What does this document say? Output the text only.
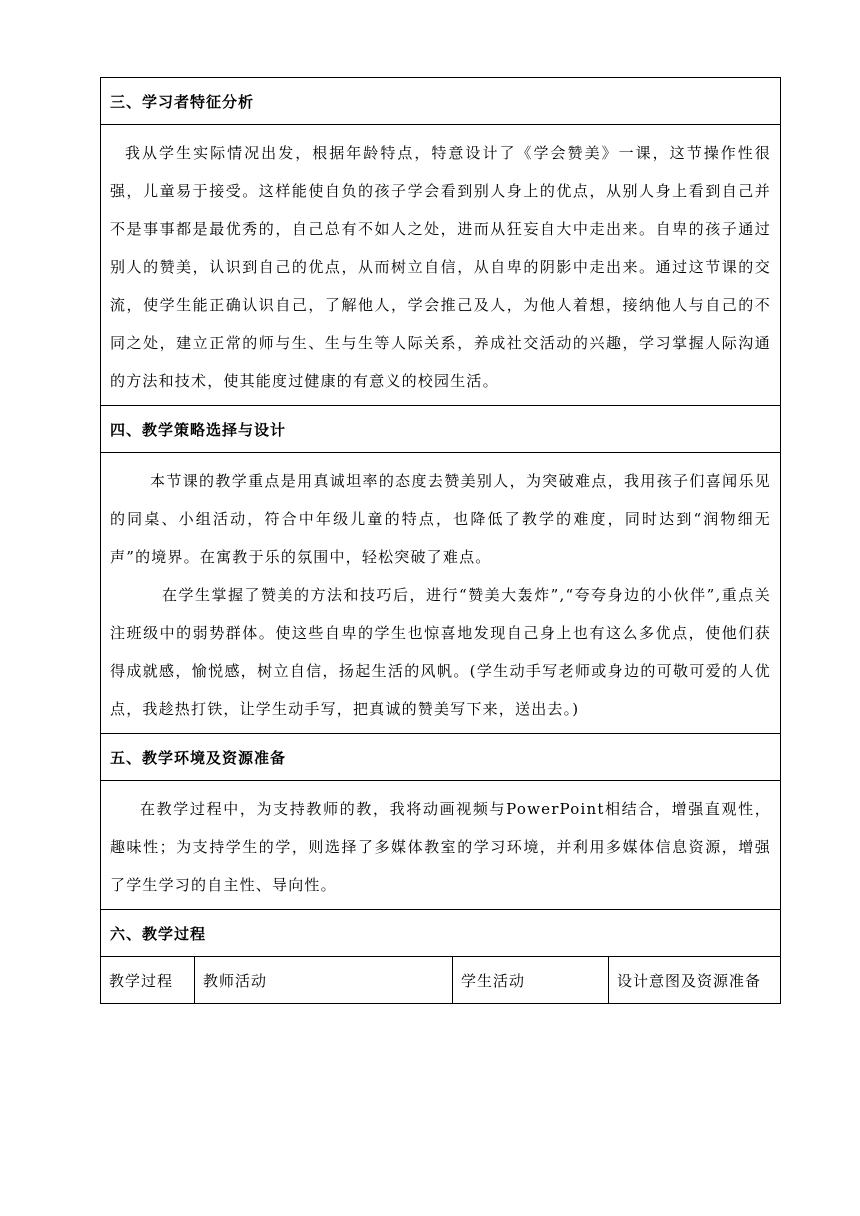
三、学习者特征分析

我从学生实际情况出发，根据年龄特点，特意设计了《学会赞美》一课，这节操作性很强，儿童易于接受。这样能使自负的孩子学会看到别人身上的优点，从别人身上看到自己并不是事事都是最优秀的，自己总有不如人之处，进而从狂妄自大中走出来。自卑的孩子通过别人的赞美，认识到自己的优点，从而树立自信，从自卑的阴影中走出来。通过这节课的交流，使学生能正确认识自己，了解他人，学会推己及人，为他人着想，接纳他人与自己的不同之处，建立正常的师与生、生与生等人际关系，养成社交活动的兴趣，学习掌握人际沟通的方法和技术，使其能度过健康的有意义的校园生活。

四、教学策略选择与设计

本节课的教学重点是用真诚坦率的态度去赞美别人，为突破难点，我用孩子们喜闻乐见的同桌、小组活动，符合中年级儿童的特点，也降低了教学的难度，同时达到“润物细无声”的境界。在寓教于乐的氛围中，轻松突破了难点。

在学生掌握了赞美的方法和技巧后，进行“赞美大轰炸”,“夸夸身边的小伙伴”,重点关注班级中的弱势群体。使这些自卑的学生也惊喜地发现自己身上也有这么多优点，使他们获得成就感，愉悦感，树立自信，扬起生活的风帆。(学生动手写老师或身边的可敬可爱的人优点，我趁热打铁，让学生动手写，把真诚的赞美写下来，送出去。)

五、教学环境及资源准备

在教学过程中，为支持教师的教，我将动画视频与PowerPoint相结合，增强直观性，趣味性；为支持学生的学，则选择了多媒体教室的学习环境，并利用多媒体信息资源，增强了学生学习的自主性、导向性。

六、教学过程
教学过程	教师活动	学生活动	设计意图及资源准备
